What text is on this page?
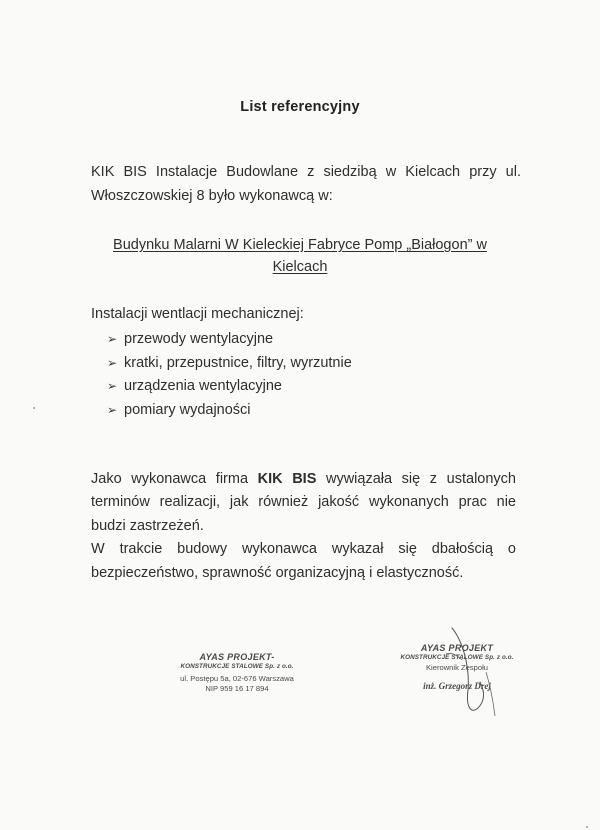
List referencyjny
KIK BIS Instalacje Budowlane z siedzibą w Kielcach przy ul.
Włoszczowskiej 8 było wykonawcą w:
Budynku Malarni W Kieleckiej Fabryce Pomp „Białogon” w
Kielcach
Instalacji wentlacji mechanicznej:
➢ przewody wentylacyjne
➢ kratki, przepustnice, filtry, wyrzutnie
➢ urządzenia wentylacyjne
➢ pomiary wydajności
Jako wykonawca firma KIK BIS wywiązała się z ustalonych
terminów realizacji, jak również jakość wykonanych prac nie
budzi zastrzeżeń.
W trakcie budowy wykonawca wykazał się dbałością o
bezpieczeństwo, sprawność organizacyjną i elastyczność.
AYAS PROJEKT-
KONSTRUKCJE STALOWE Sp. z o.o.
ul. Postępu 5a, 02-676 Warszawa
NIP 959 16 17 894
AYAS PROJEKT
KONSTRUKCJE STALOWE Sp. z o.o.
Kierownik Zespołu
inż. Grzegorz Drej
